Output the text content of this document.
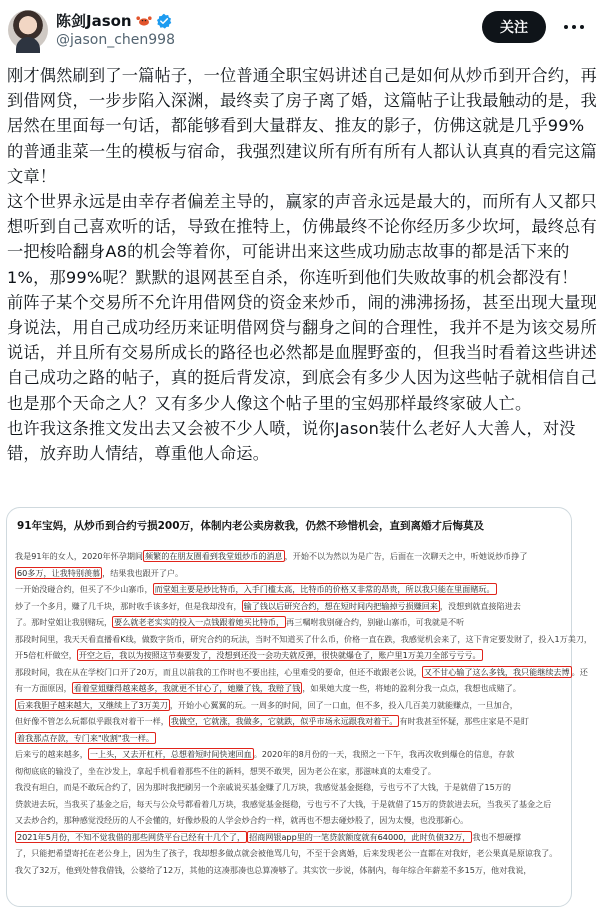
陈剑Jason
@jason_chen998
关注
刚才偶然刷到了一篇帖子，一位普通全职宝妈讲述自己是如何从炒币到开合约，再到借网贷，一步步陷入深渊，最终卖了房子离了婚，这篇帖子让我最触动的是，我居然在里面每一句话，都能够看到大量群友、推友的影子，仿佛这就是几乎99%的普通韭菜一生的模板与宿命，我强烈建议所有所有所有人都认认真真的看完这篇文章！
这个世界永远是由幸存者偏差主导的，赢家的声音永远是最大的，而所有人又都只想听到自己喜欢听的话，导致在推特上，仿佛最终不论你经历多少坎坷，最终总有一把梭哈翻身A8的机会等着你，可能讲出来这些成功励志故事的都是活下来的1%，那99%呢？默默的退网甚至自杀，你连听到他们失败故事的机会都没有！
前阵子某个交易所不允许用借网贷的资金来炒币，闹的沸沸扬扬，甚至出现大量现身说法，用自己成功经历来证明借网贷与翻身之间的合理性，我并不是为该交易所说话，并且所有交易所成长的路径也必然都是血腥野蛮的，但我当时看着这些讲述自己成功之路的帖子，真的挺后背发凉，到底会有多少人因为这些帖子就相信自己也是那个天命之人？又有多少人像这个帖子里的宝妈那样最终家破人亡。
也许我这条推文发出去又会被不少人喷，说你Jason装什么老好人大善人，对没错，放弃助人情结，尊重他人命运。
91年宝妈，从炒币到合约亏损200万，体制内老公卖房救我，仍然不珍惜机会，直到离婚才后悔莫及
我是91年的女人，2020年怀孕期间 频繁的在朋友圈看到我堂姐炒币的消息 ，开始不以为然以为是广告，后面在一次聊天之中，听她说炒币挣了
60多万，让我特别羡慕 ，结果我也跟开了户。
一开始没碰合约，但买了不少山寨币， 而堂姐主要是炒比特币，入手门槛太高，比特币的价格又非常的昂贵，所以我只能在里面赌玩。
炒了一个多月，赚了几千块，那时收手该多好，但是我却没有， 输了钱以后研究合约，想在短时间内把输掉亏损赚回来 ，没想到就直接陷进去
了。那时堂姐让我别赌玩， 要么就老老实实的投入一点钱跟着她买比特币， 再三嘱咐我别碰合约，别碰山寨币，可我就是不听
那段时间里，我天天看直播看K线，做数字货币，研究合约的玩法，当时不知道买了什么币，价格一直在跌，我感觉机会来了，这下肯定要发财了，投入1万美刀，
开5倍杠杆做空， 开空之后，我以为按照这节奏要发了，没想到还没一会功夫就反弹，很快就爆仓了，账户里1万美刀全部亏亏亏。
那段时间，我在从在学校门口开了20万，而且以前我的工作时也不要出挂，心里难受的要命，但还不敢跟老公说， 又不甘心输了这么多钱，我只能继续去博 。还
有一方面原因， 看着堂姐赚得越来越多，我就更不甘心了，她赚了钱，我赔了钱 ，如果她大度一些，将她的盈利分我一点点，我想也成赌了。
后来我胆子越来越大，又继续上了3万美刀 ，开始小心翼翼的玩。一周多的时间，回了一口血，但不多，投入几百美刀就能赚点，一旦加合，
但好像不管怎么玩都似乎跟我对着干一样， 我做空，它就涨，我做多，它就跌，似乎市场永远跟我对着干。 有时我甚至怀疑，那些庄家是不是盯
着我那点存款，专门来"收割"我一样。
后来亏的越来越多， 一上头，又去开杠杆，总想着短时间快速回血 。2020年的8月份的一天，我照之一下午，我再次收到爆仓的信息，存款
彻彻底底的输没了，坐在沙发上，拿起手机看着那些不住的新料，想哭不敢哭，因为老公在家，那滋味真的太难受了。
我没有坦白，而是不敢玩合约了，因为那时我把刷另一个亲戚说买基金赚了几万块，我感觉基金挺稳，亏也亏不了大钱，于是就借了15万的
贷款进去玩，当我买了基金之后，每天与公众号都看着几万块，我感觉基金挺稳，亏也亏不了大钱，于是就借了15万的贷款进去玩，当我买了基金之后
又去炒合约，那种感觉没经历的人不会懂的，好像炒股的人学会炒合约一样，就再也不想去碰炒股了，因为太慢，也没那新心。
2021年5月份，不知不觉我借的那些网贷平台已经有十几个了， 招商网银app里的一笔贷款额度就有64000，此时负债32万， 我也不想硬撑
了，只能把希望寄托在老公身上，因为生了孩子，我却想多做点就会被他骂几句，不至于会离婚，后来发现老公一直都在对我好，老公果真是原谅我了。
我欠了32万，他到处替我借钱，公婆给了12万，其他的这凑那凑也总算凑够了。其实饮一步说，体制内，每年综合年薪差不多15万，他对我说，
